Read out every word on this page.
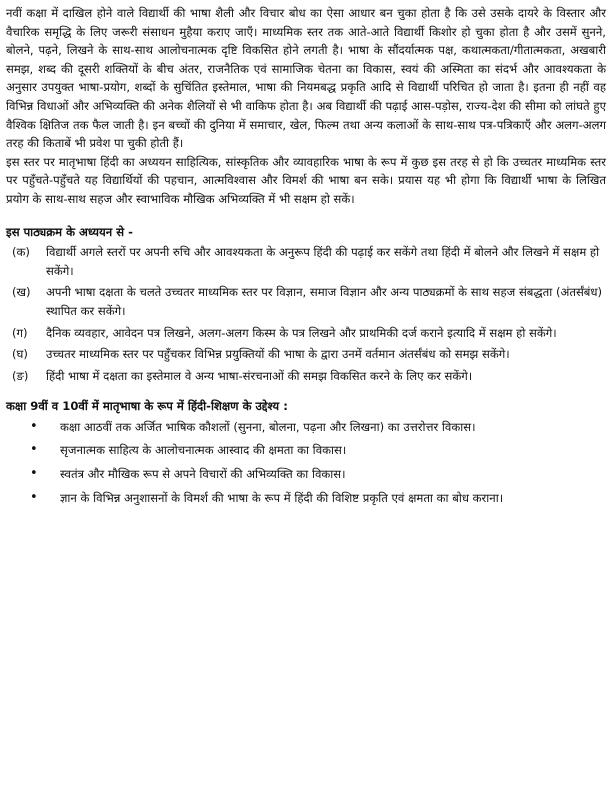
नवीं कक्षा में दाखिल होने वाले विद्यार्थी की भाषा शैली और विचार बोध का ऐसा आधार बन चुका होता है कि उसे उसके दायरे के विस्तार और वैचारिक समृद्धि के लिए जरूरी संसाधन मुहैया कराए जाएँ। माध्यमिक स्तर तक आते-आते विद्यार्थी किशोर हो चुका होता है और उसमें सुनने, बोलने, पढ़ने, लिखने के साथ-साथ आलोचनात्मक दृष्टि विकसित होने लगती है। भाषा के सौंदर्यात्मक पक्ष, कथात्मकता/गीतात्मकता, अखबारी समझ, शब्द की दूसरी शक्तियों के बीच अंतर, राजनैतिक एवं सामाजिक चेतना का विकास, स्वयं की अस्मिता का संदर्भ और आवश्यकता के अनुसार उपयुक्त भाषा-प्रयोग, शब्दों के सुचिंतित इस्तेमाल, भाषा की नियमबद्ध प्रकृति आदि से विद्यार्थी परिचित हो जाता है। इतना ही नहीं वह विभिन्न विधाओं और अभिव्यक्ति की अनेक शैलियों से भी वाकिफ होता है। अब विद्यार्थी की पढ़ाई आस-पड़ोस, राज्य-देश की सीमा को लांघते हुए वैश्विक क्षितिज तक फैल जाती है। इन बच्चों की दुनिया में समाचार, खेल, फिल्म तथा अन्य कलाओं के साथ-साथ पत्र-पत्रिकाएँ और अलग-अलग तरह की किताबें भी प्रवेश पा चुकी होती हैं।

इस स्तर पर मातृभाषा हिंदी का अध्ययन साहित्यिक, सांस्कृतिक और व्यावहारिक भाषा के रूप में कुछ इस तरह से हो कि उच्चतर माध्यमिक स्तर पर पहुँचते-पहुँचते यह विद्यार्थियों की पहचान, आत्मविश्वास और विमर्श की भाषा बन सके। प्रयास यह भी होगा कि विद्यार्थी भाषा के लिखित प्रयोग के साथ-साथ सहज और स्वाभाविक मौखिक अभिव्यक्ति में भी सक्षम हो सकें।

इस पाठ्यक्रम के अध्ययन से -
(क)	विद्यार्थी अगले स्तरों पर अपनी रुचि और आवश्यकता के अनुरूप हिंदी की पढ़ाई कर सकेंगे तथा हिंदी में बोलने और लिखने में सक्षम हो सकेंगे।
(ख)	अपनी भाषा दक्षता के चलते उच्चतर माध्यमिक स्तर पर विज्ञान, समाज विज्ञान और अन्य पाठ्यक्रमों के साथ सहज संबद्धता (अंतर्संबंध) स्थापित कर सकेंगे।
(ग)	दैनिक व्यवहार, आवेदन पत्र लिखने, अलग-अलग किस्म के पत्र लिखने और प्राथमिकी दर्ज कराने इत्यादि में सक्षम हो सकेंगे।
(घ)	उच्चतर माध्यमिक स्तर पर पहुँचकर विभिन्न प्रयुक्तियों की भाषा के द्वारा उनमें वर्तमान अंतर्संबंध को समझ सकेंगे।
(ङ)	हिंदी भाषा में दक्षता का इस्तेमाल वे अन्य भाषा-संरचनाओं की समझ विकसित करने के लिए कर सकेंगे।
कक्षा 9वीं व 10वीं में मातृभाषा के रूप में हिंदी-शिक्षण के उद्देश्य :
•	कक्षा आठवीं तक अर्जित भाषिक कौशलों (सुनना, बोलना, पढ़ना और लिखना) का उत्तरोत्तर विकास।
•	सृजनात्मक साहित्य के आलोचनात्मक आस्वाद की क्षमता का विकास।
•	स्वतंत्र और मौखिक रूप से अपने विचारों की अभिव्यक्ति का विकास।
•	ज्ञान के विभिन्न अनुशासनों के विमर्श की भाषा के रूप में हिंदी की विशिष्ट प्रकृति एवं क्षमता का बोध कराना।
